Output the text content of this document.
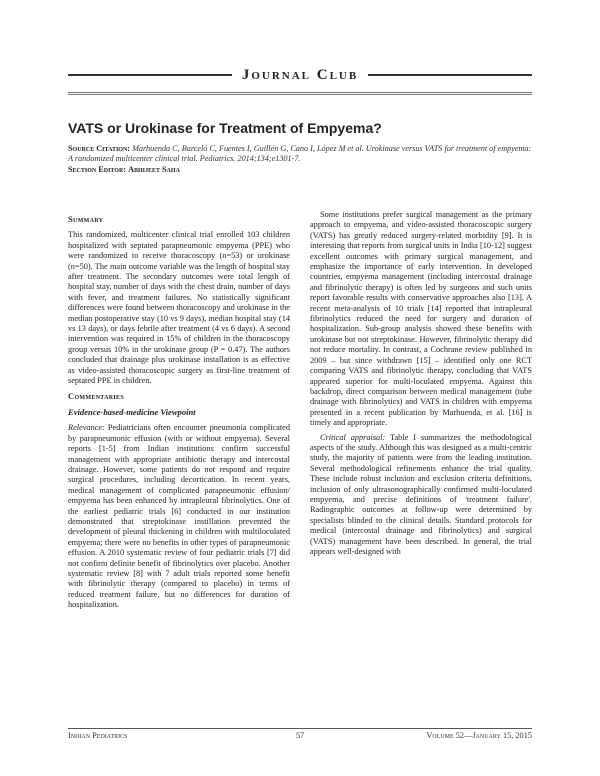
Journal Club
VATS or Urokinase for Treatment of Empyema?
Source Citation: Marhuenda C, Barceló C, Fuentes I, Guillén G, Cano I, López M et al. Urokinase versus VATS for treatment of empyema: A randomized multicenter clinical trial. Pediatrics. 2014;134;e1301-7.
Section Editor: Abhijeet Saha
Summary

This randomized, multicenter clinical trial enrolled 103 children hospitalized with septated parapneumonic empyema (PPE) who were randomized to receive thoracoscopy (n=53) or urokinase (n=50). The main outcome variable was the length of hospital stay after treatment. The secondary outcomes were total length of hospital stay, number of days with the chest drain, number of days with fever, and treatment failures. No statistically significant differences were found between thoracoscopy and urokinase in the median postoperative stay (10 vs 9 days), median hospital stay (14 vs 13 days), or days febrile after treatment (4 vs 6 days). A second intervention was required in 15% of children in the thoracoscopy group versus 10% in the urokinase group (P = 0.47). The authors concluded that drainage plus urokinase installation is as effective as video-assisted thoracoscopic surgery as first-line treatment of septated PPE in children.

Commentaries
Evidence-based-medicine Viewpoint

Relevance: Pediatricians often encounter pneumonia complicated by parapneumonic effusion (with or without empyema). Several reports [1-5] from Indian institutions confirm successful management with appropriate antibiotic therapy and intercostal drainage. However, some patients do not respond and require surgical procedures, including decortication. In recent years, medical management of complicated parapneumonic effusion/ empyema has been enhanced by intrapleural fibrinolytics. One of the earliest pediatric trials [6] conducted in our institution demonstrated that streptokinase instillation prevented the development of pleural thickening in children with multiloculated empyema; there were no benefits in other types of parapneumonic effusion. A 2010 systematic review of four pediatric trials [7] did not confirm definite benefit of fibrinolytics over placebo. Another systematic review [8] with 7 adult trials reported some benefit with fibrinolytic therapy (compared to placebo) in terms of reduced treatment failure, but no differences for duration of hospitalization.

Some institutions prefer surgical management as the primary approach to empyema, and video-assisted thoracoscopic surgery (VATS) has greatly reduced surgery-related morbidity [9]. It is interesting that reports from surgical units in India [10-12] suggest excellent outcomes with primary surgical management, and emphasize the importance of early intervention. In developed countries, empyema management (including intercostal drainage and fibrinolytic therapy) is often led by surgeons and such units report favorable results with conservative approaches also [13]. A recent meta-analysis of 10 trials [14] reported that intrapleural fibrinolytics reduced the need for surgery and duration of hospitalization. Sub-group analysis showed these benefits with urokinase but not streptokinase. However, fibrinolytic therapy did not reduce mortality. In contrast, a Cochrane review published in 2009 – but since withdrawn [15] – identified only one RCT comparing VATS and fibrinolytic therapy, concluding that VATS appeared superior for multi-loculated empyema. Against this backdrop, direct comparison between medical management (tube drainage with fibrinolytics) and VATS in children with empyema presented in a recent publication by Marhuenda, et al. [16] is timely and appropriate.

Critical appraisal: Table I summarizes the methodological aspects of the study. Although this was designed as a multi-centric study, the majority of patients were from the leading institution. Several methodological refinements enhance the trial quality. These include robust inclusion and exclusion criteria definitions, inclusion of only ultrasonographically confirmed multi-loculated empyema, and precise definitions of 'treatment failure'. Radiographic outcomes at follow-up were determined by specialists blinded to the clinical details. Standard protocols for medical (intercostal drainage and fibrinolytics) and surgical (VATS) management have been described. In general, the trial appears well-designed with

Indian Pediatrics	57	Volume 52—January 15, 2015
